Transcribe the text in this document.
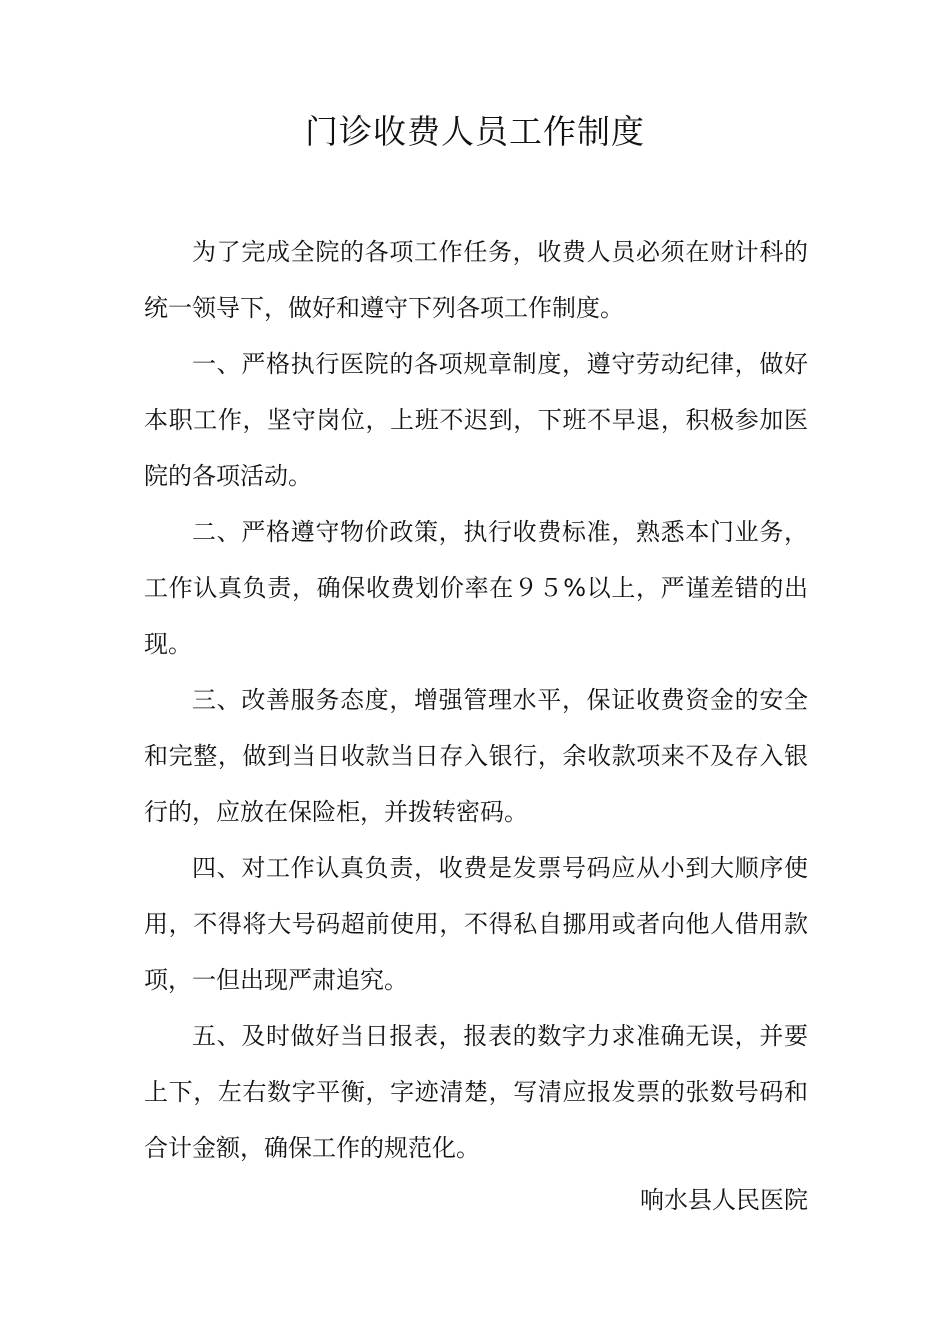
门诊收费人员工作制度

为了完成全院的各项工作任务，收费人员必须在财计科的统一领导下，做好和遵守下列各项工作制度。

一、严格执行医院的各项规章制度，遵守劳动纪律，做好本职工作，坚守岗位，上班不迟到，下班不早退，积极参加医院的各项活动。

二、严格遵守物价政策，执行收费标准，熟悉本门业务，工作认真负责，确保收费划价率在９５%以上，严谨差错的出现。

三、改善服务态度，增强管理水平，保证收费资金的安全和完整，做到当日收款当日存入银行，余收款项来不及存入银行的，应放在保险柜，并拨转密码。

四、对工作认真负责，收费是发票号码应从小到大顺序使用，不得将大号码超前使用，不得私自挪用或者向他人借用款项，一但出现严肃追究。

五、及时做好当日报表，报表的数字力求准确无误，并要上下，左右数字平衡，字迹清楚，写清应报发票的张数号码和合计金额，确保工作的规范化。

响水县人民医院
